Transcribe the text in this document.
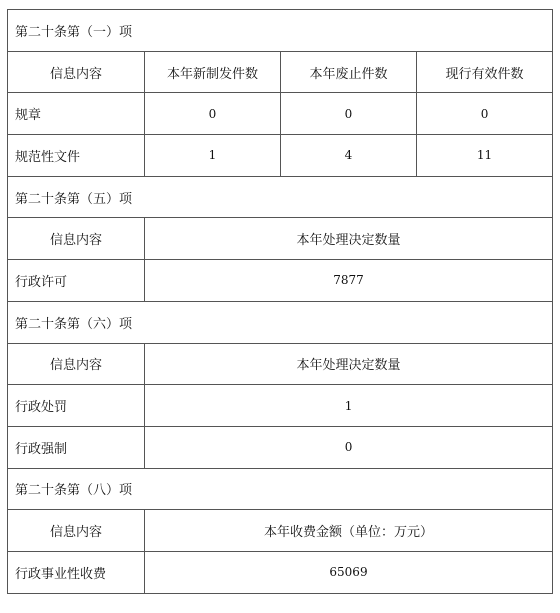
第二十条第（一）项			
信息内容	本年新制发件数	本年废止件数	现行有效件数
规章	0	0	0
规范性文件	1	4	11
第二十条第（五）项			
信息内容	本年处理决定数量		
行政许可	7877		
第二十条第（六）项			
信息内容	本年处理决定数量		
行政处罚	1		
行政强制	0		
第二十条第（八）项			
信息内容	本年收费金额（单位：万元）		
行政事业性收费	65069		
